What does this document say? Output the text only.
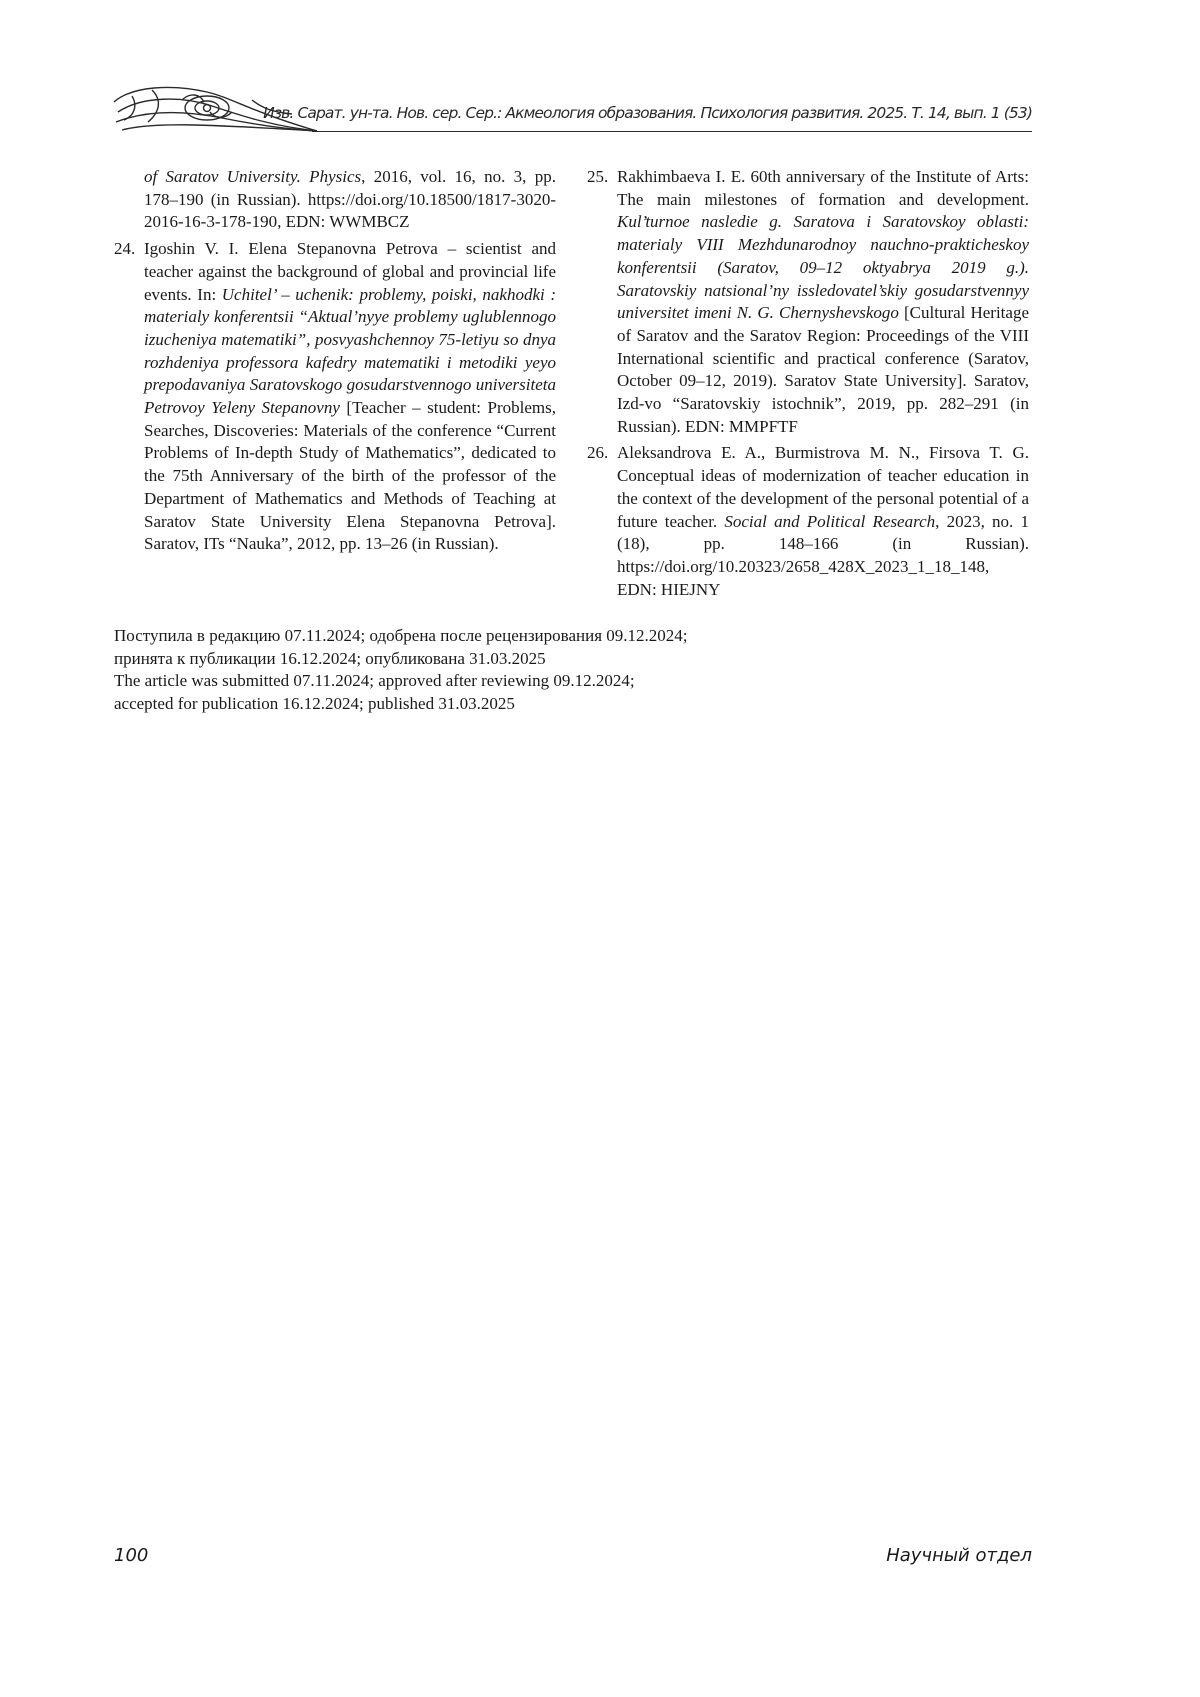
Изв. Сарат. ун-та. Нов. сер. Сер.: Акмеология образования. Психология развития. 2025. Т. 14, вып. 1 (53)

of Saratov University. Physics, 2016, vol. 16, no. 3, pp. 178–190 (in Russian). https://doi.org/10.18500/1817-3020-2016-16-3-178-190, EDN: WWMBCZ

24. Igoshin V. I. Elena Stepanovna Petrova – scientist and teacher against the background of global and provincial life events. In: Uchitel’ – uchenik: problemy, poiski, nakhodki : materialy konferentsii “Aktual’nyye problemy uglublennogo izucheniya matematiki”, posvyashchennoy 75-letiyu so dnya rozhdeniya professora kafedry matematiki i metodiki yeyo prepodavaniya Saratovskogo gosudarstvennogo universiteta Petrovoy Yeleny Stepanovny [Teacher – student: Problems, Searches, Discoveries: Materials of the conference “Current Problems of In-depth Study of Mathematics”, dedicated to the 75th Anniversary of the birth of the professor of the Department of Mathematics and Methods of Teaching at Saratov State University Elena Stepanovna Petrova]. Saratov, ITs “Nauka”, 2012, pp. 13–26 (in Russian).

25. Rakhimbaeva I. E. 60th anniversary of the Institute of Arts: The main milestones of formation and development. Kul’turnoe nasledie g. Saratova i Saratovskoy oblasti: materialy VIII Mezhdunarodnoy nauchno-prakticheskoy konferentsii (Saratov, 09–12 oktyabrya 2019 g.). Saratovskiy natsional’ny issledovatel’skiy gosudarstvennyy universitet imeni N. G. Chernyshevskogo [Cultural Heritage of Saratov and the Saratov Region: Proceedings of the VIII International scientific and practical conference (Saratov, October 09–12, 2019). Saratov State University]. Saratov, Izd-vo “Saratovskiy istochnik”, 2019, pp. 282–291 (in Russian). EDN: MMPFTF

26. Aleksandrova E. A., Burmistrova M. N., Firsova T. G. Conceptual ideas of modernization of teacher education in the context of the development of the personal potential of a future teacher. Social and Political Research, 2023, no. 1 (18), pp. 148–166 (in Russian). https://doi.org/10.20323/2658_428X_2023_1_18_148, EDN: HIEJNY

Поступила в редакцию 07.11.2024; одобрена после рецензирования 09.12.2024;

принята к публикации 16.12.2024; опубликована 31.03.2025

The article was submitted 07.11.2024; approved after reviewing 09.12.2024;

accepted for publication 16.12.2024; published 31.03.2025

100	Научный отдел
